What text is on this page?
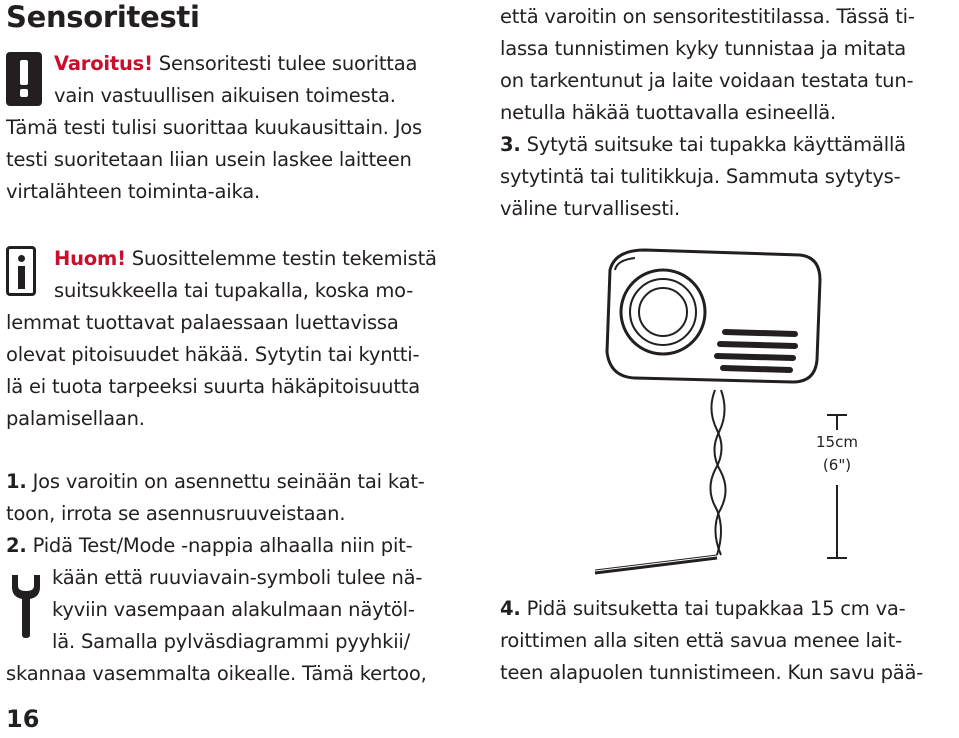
Sensoritesti
Varoitus! Sensoritesti tulee suorittaa
vain vastuullisen aikuisen toimesta.
Tämä testi tulisi suorittaa kuukausittain. Jos
testi suoritetaan liian usein laskee laitteen
virtalähteen toiminta-aika.
Huom! Suosittelemme testin tekemistä
suitsukkeella tai tupakalla, koska mo-
lemmat tuottavat palaessaan luettavissa
olevat pitoisuudet häkää. Sytytin tai kyntti-
lä ei tuota tarpeeksi suurta häkäpitoisuutta
palamisellaan.
1. Jos varoitin on asennettu seinään tai kat-
toon, irrota se asennusruuveistaan.
2. Pidä Test/Mode -nappia alhaalla niin pit-
kään että ruuviavain-symboli tulee nä-
kyviin vasempaan alakulmaan näytöl-
lä. Samalla pylväsdiagrammi pyyhkii/
skannaa vasemmalta oikealle. Tämä kertoo,
että varoitin on sensoritestitilassa. Tässä ti-
lassa tunnistimen kyky tunnistaa ja mitata
on tarkentunut ja laite voidaan testata tun-
netulla häkää tuottavalla esineellä.
3. Sytytä suitsuke tai tupakka käyttämällä
sytytintä tai tulitikkuja. Sammuta sytytys-
väline turvallisesti.
15cm
(6")
4. Pidä suitsuketta tai tupakkaa 15 cm va-
roittimen alla siten että savua menee lait-
teen alapuolen tunnistimeen. Kun savu pää-
16
